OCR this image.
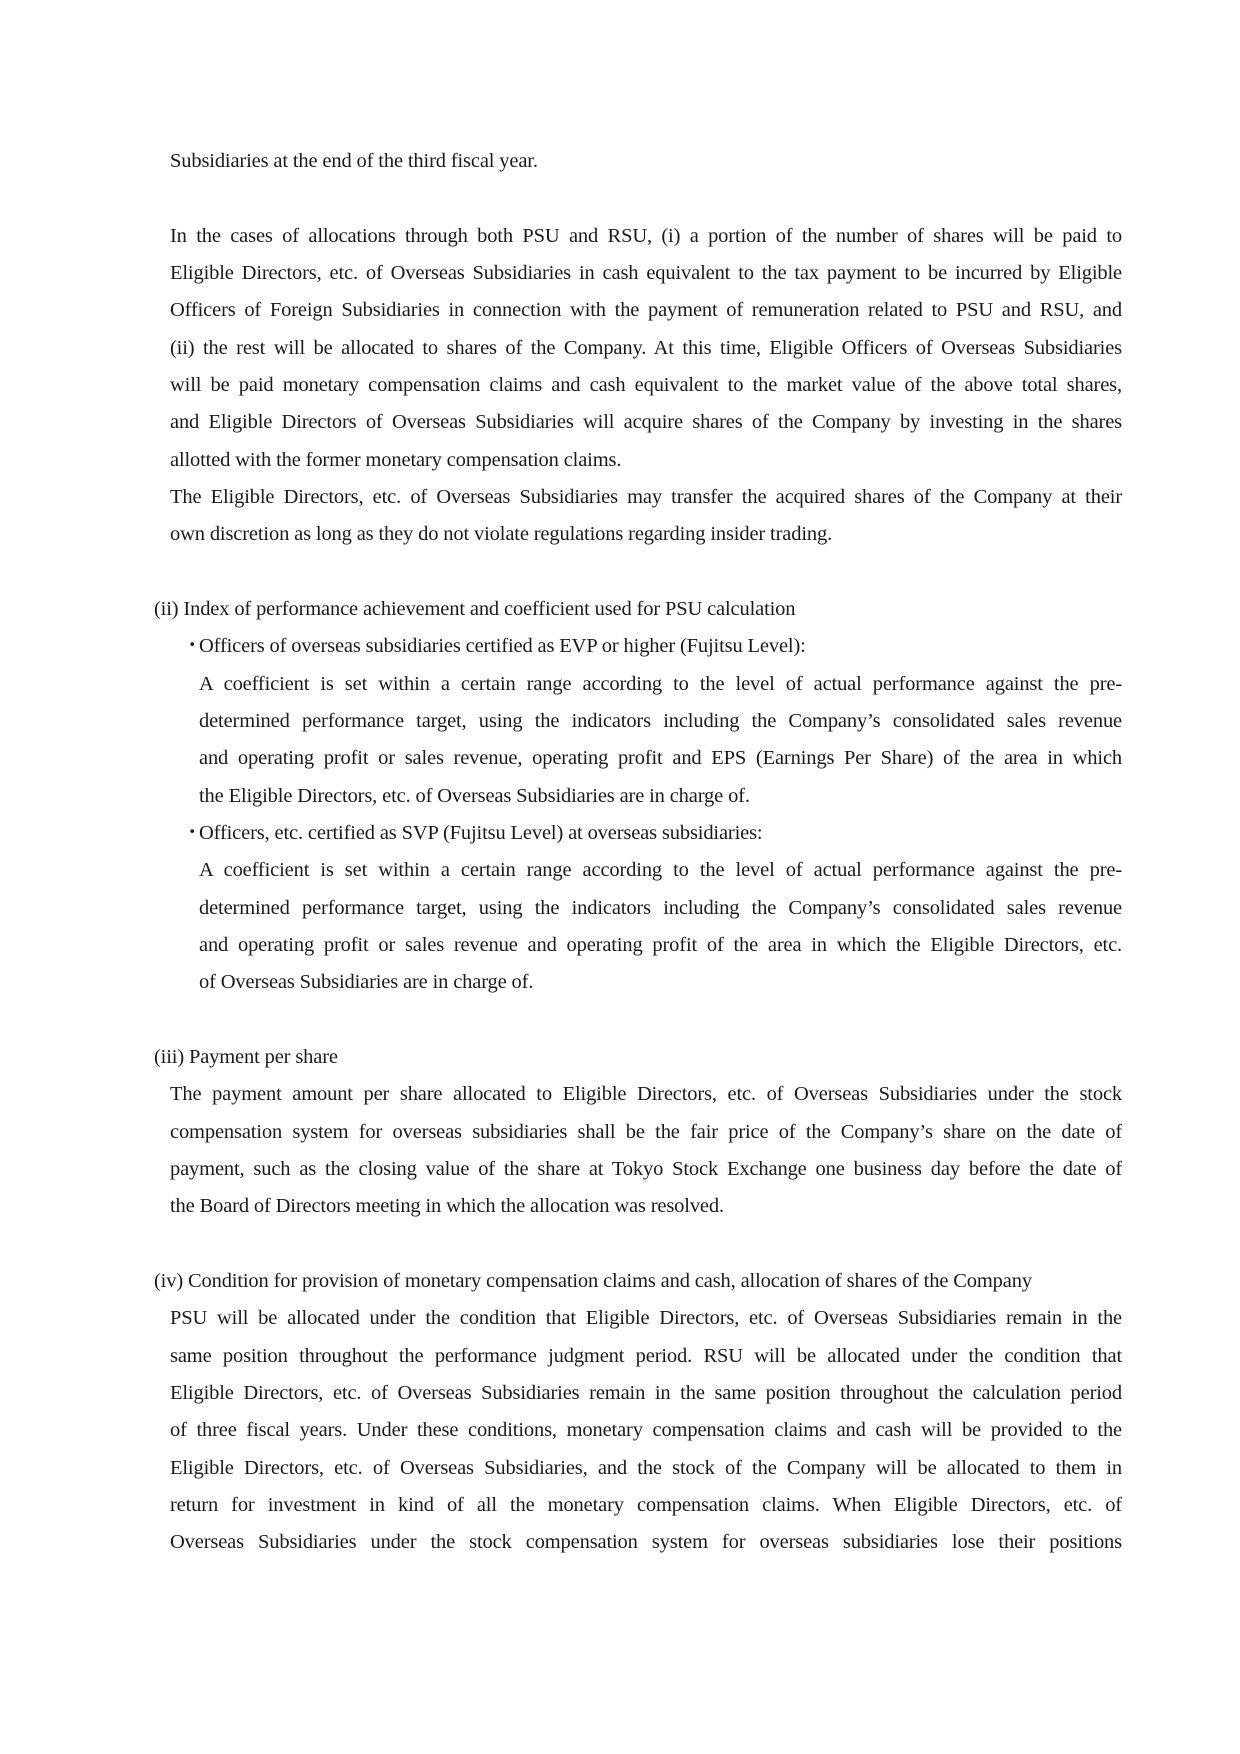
Subsidiaries at the end of the third fiscal year.
In the cases of allocations through both PSU and RSU, (i) a portion of the number of shares will be paid to
Eligible Directors, etc. of Overseas Subsidiaries in cash equivalent to the tax payment to be incurred by Eligible
Officers of Foreign Subsidiaries in connection with the payment of remuneration related to PSU and RSU, and
(ii) the rest will be allocated to shares of the Company. At this time, Eligible Officers of Overseas Subsidiaries
will be paid monetary compensation claims and cash equivalent to the market value of the above total shares,
and Eligible Directors of Overseas Subsidiaries will acquire shares of the Company by investing in the shares
allotted with the former monetary compensation claims.
The Eligible Directors, etc. of Overseas Subsidiaries may transfer the acquired shares of the Company at their
own discretion as long as they do not violate regulations regarding insider trading.
(ii) Index of performance achievement and coefficient used for PSU calculation
・
Officers of overseas subsidiaries certified as EVP or higher (Fujitsu Level):
A coefficient is set within a certain range according to the level of actual performance against the pre-
determined performance target, using the indicators including the Company’s consolidated sales revenue
and operating profit or sales revenue, operating profit and EPS (Earnings Per Share) of the area in which
the Eligible Directors, etc. of Overseas Subsidiaries are in charge of.
・
Officers, etc. certified as SVP (Fujitsu Level) at overseas subsidiaries:
A coefficient is set within a certain range according to the level of actual performance against the pre-
determined performance target, using the indicators including the Company’s consolidated sales revenue
and operating profit or sales revenue and operating profit of the area in which the Eligible Directors, etc.
of Overseas Subsidiaries are in charge of.
(iii) Payment per share
The payment amount per share allocated to Eligible Directors, etc. of Overseas Subsidiaries under the stock
compensation system for overseas subsidiaries shall be the fair price of the Company’s share on the date of
payment, such as the closing value of the share at Tokyo Stock Exchange one business day before the date of
the Board of Directors meeting in which the allocation was resolved.
(iv) Condition for provision of monetary compensation claims and cash, allocation of shares of the Company
PSU will be allocated under the condition that Eligible Directors, etc. of Overseas Subsidiaries remain in the
same position throughout the performance judgment period. RSU will be allocated under the condition that
Eligible Directors, etc. of Overseas Subsidiaries remain in the same position throughout the calculation period
of three fiscal years. Under these conditions, monetary compensation claims and cash will be provided to the
Eligible Directors, etc. of Overseas Subsidiaries, and the stock of the Company will be allocated to them in
return for investment in kind of all the monetary compensation claims. When Eligible Directors, etc. of
Overseas Subsidiaries under the stock compensation system for overseas subsidiaries lose their positions
